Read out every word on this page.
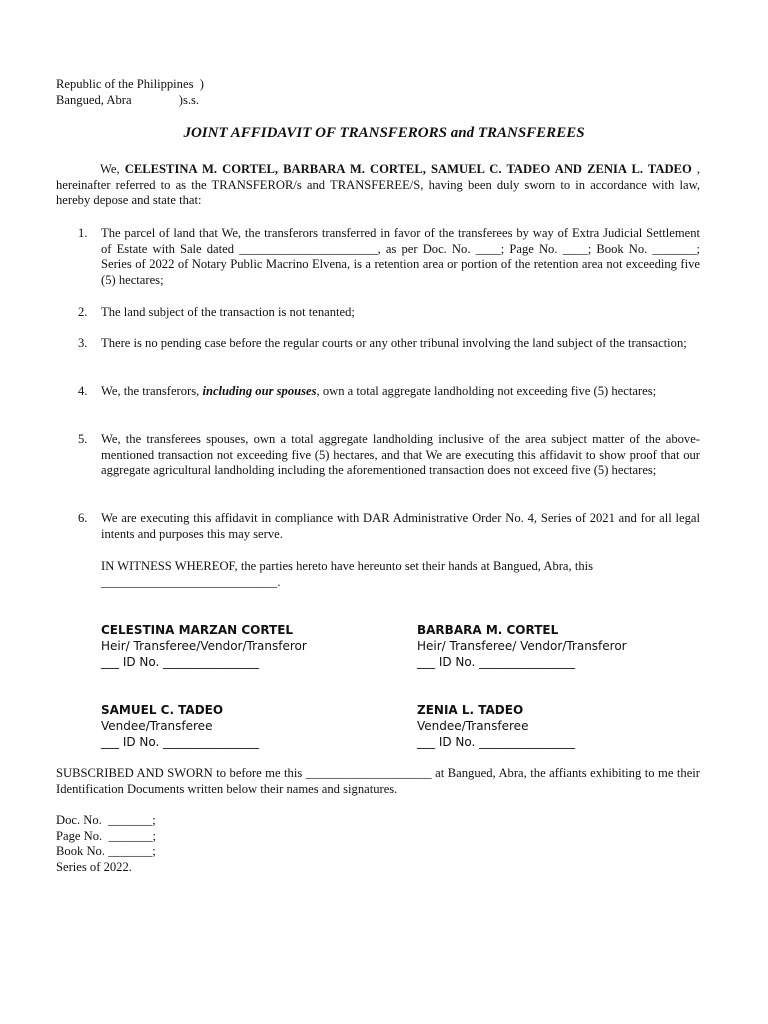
Republic of the Philippines  )
Bangued, Abra               )s.s.
JOINT AFFIDAVIT OF TRANSFERORS and TRANSFEREES
We, CELESTINA M. CORTEL, BARBARA M. CORTEL, SAMUEL C. TADEO AND ZENIA L. TADEO , hereinafter referred to as the TRANSFEROR/s and TRANSFEREE/S, having been duly sworn to in accordance with law, hereby depose and state that:
1. The parcel of land that We, the transferors transferred in favor of the transferees by way of Extra Judicial Settlement of Estate with Sale dated ______________________, as per Doc. No. ____; Page No. ____; Book No. _______; Series of 2022 of Notary Public Macrino Elvena, is a retention area or portion of the retention area not exceeding five (5) hectares;
2. The land subject of the transaction is not tenanted;
3. There is no pending case before the regular courts or any other tribunal involving the land subject of the transaction;
4. We, the transferors, including our spouses, own a total aggregate landholding not exceeding five (5) hectares;
5. We, the transferees spouses, own a total aggregate landholding inclusive of the area subject matter of the above-mentioned transaction not exceeding five (5) hectares, and that We are executing this affidavit to show proof that our aggregate agricultural landholding including the aforementioned transaction does not exceed five (5) hectares;
6. We are executing this affidavit in compliance with DAR Administrative Order No. 4, Series of 2021 and for all legal intents and purposes this may serve.
IN WITNESS WHEREOF, the parties hereto have hereunto set their hands at Bangued, Abra, this
____________________________.
CELESTINA MARZAN CORTEL
Heir/ Transferee/Vendor/Transferor
___ ID No. ________________
BARBARA M. CORTEL
Heir/ Transferee/ Vendor/Transferor
___ ID No. ________________
SAMUEL C. TADEO
Vendee/Transferee
___ ID No. ________________
ZENIA L. TADEO
Vendee/Transferee
___ ID No. ________________
SUBSCRIBED AND SWORN to before me this ____________________ at Bangued, Abra, the affiants exhibiting to me their Identification Documents written below their names and signatures.
Doc. No.  _______;
Page No.  _______;
Book No. _______;
Series of 2022.
